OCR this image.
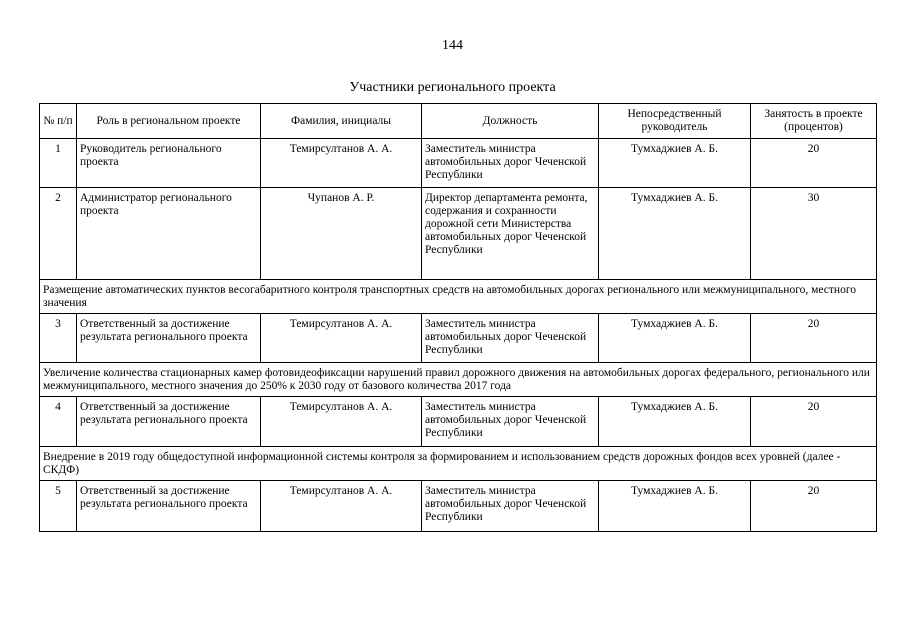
144
Участники регионального проекта
№ п/п	Роль в региональном проекте	Фамилия, инициалы	Должность	Непосредственный руководитель	Занятость в проекте (процентов)
1	Руководитель регионального проекта	Темирсултанов А. А.	Заместитель министра автомобильных дорог Чеченской Республики	Тумхаджиев А. Б.	20
2	Администратор регионального проекта	Чупанов А. Р.	Директор департамента ремонта, содержания и сохранности дорожной сети Министерства автомобильных дорог Чеченской Республики	Тумхаджиев А. Б.	30
Размещение автоматических пунктов весогабаритного контроля транспортных средств на автомобильных дорогах регионального или межмуниципального, местного значения					
3	Ответственный за достижение результата регионального проекта	Темирсултанов А. А.	Заместитель министра автомобильных дорог Чеченской Республики	Тумхаджиев А. Б.	20
Увеличение количества стационарных камер фотовидеофиксации нарушений правил дорожного движения на автомобильных дорогах федерального, регионального или межмуниципального, местного значения до 250% к 2030 году от базового количества 2017 года					
4	Ответственный за достижение результата регионального проекта	Темирсултанов А. А.	Заместитель министра автомобильных дорог Чеченской Республики	Тумхаджиев А. Б.	20
Внедрение в 2019 году общедоступной информационной системы контроля за формированием и использованием средств дорожных фондов всех уровней (далее - СКДФ)					
5	Ответственный за достижение результата регионального проекта	Темирсултанов А. А.	Заместитель министра автомобильных дорог Чеченской Республики	Тумхаджиев А. Б.	20
